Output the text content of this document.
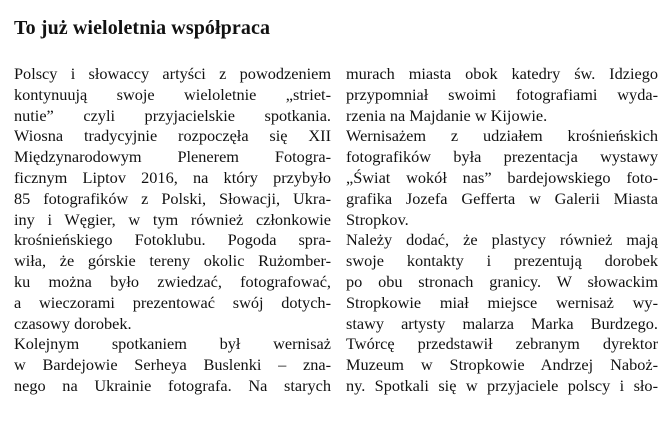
To już wieloletnia współpraca
Polscy i słowaccy artyści z powodzeniem
kontynuują swoje wieloletnie „striet-
nutie” czyli przyjacielskie spotkania.
Wiosna tradycyjnie rozpoczęła się XII
Międzynarodowym Plenerem Fotogra-
ficznym Liptov 2016, na który przybyło
85 fotografików z Polski, Słowacji, Ukra-
iny i Węgier, w tym również członkowie
krośnieńskiego Fotoklubu. Pogoda spra-
wiła, że górskie tereny okolic Rużomber-
ku można było zwiedzać, fotografować,
a wieczorami prezentować swój dotych-
czasowy dorobek.
Kolejnym spotkaniem był wernisaż
w Bardejowie Serheya Buslenki – zna-
nego na Ukrainie fotografa. Na starych
murach miasta obok katedry św. Idziego
przypomniał swoimi fotografiami wyda-
rzenia na Majdanie w Kijowie.
Wernisażem z udziałem krośnieńskich
fotografików była prezentacja wystawy
„Świat wokół nas” bardejowskiego foto-
grafika Jozefa Gefferta w Galerii Miasta
Stropkov.
Należy dodać, że plastycy również mają
swoje kontakty i prezentują dorobek
po obu stronach granicy. W słowackim
Stropkowie miał miejsce wernisaż wy-
stawy artysty malarza Marka Burdzego.
Twórcę przedstawił zebranym dyrektor
Muzeum w Stropkowie Andrzej Naboż-
ny. Spotkali się w przyjaciele polscy i sło-
